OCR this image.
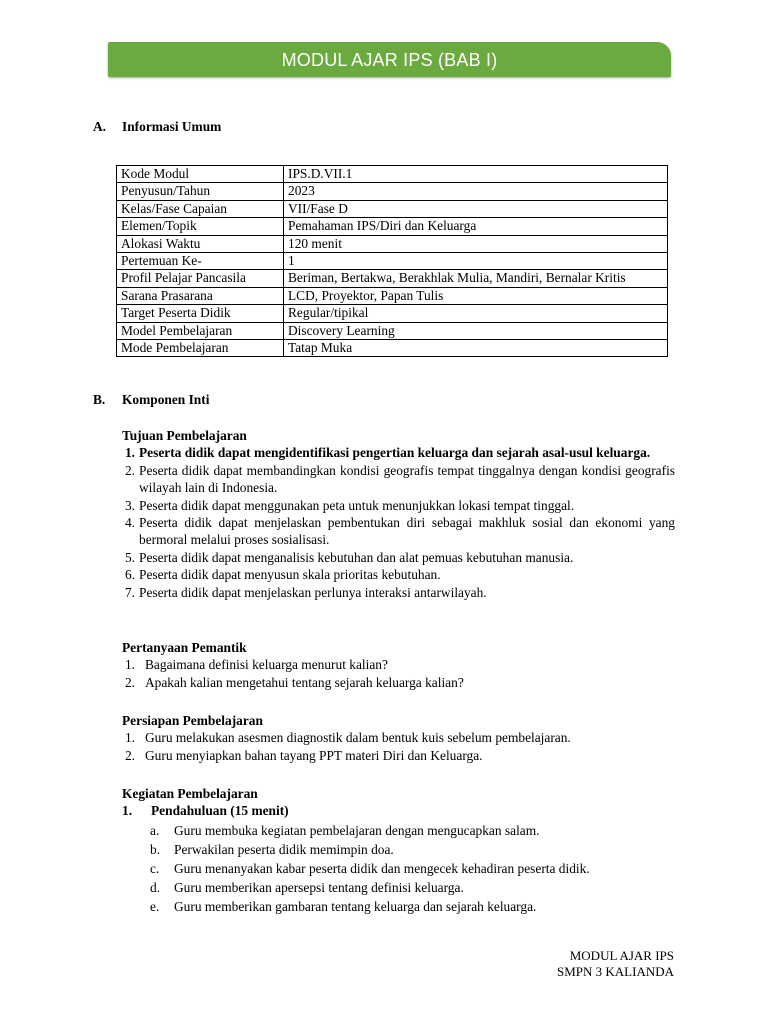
MODUL AJAR IPS (BAB I)
A. Informasi Umum
Kode Modul	IPS.D.VII.1
Penyusun/Tahun	2023
Kelas/Fase Capaian	VII/Fase D
Elemen/Topik	Pemahaman IPS/Diri dan Keluarga
Alokasi Waktu	120 menit
Pertemuan Ke-	1
Profil Pelajar Pancasila	Beriman, Bertakwa, Berakhlak Mulia, Mandiri, Bernalar Kritis
Sarana Prasarana	LCD, Proyektor, Papan Tulis
Target Peserta Didik	Regular/tipikal
Model Pembelajaran	Discovery Learning
Mode Pembelajaran	Tatap Muka
B. Komponen Inti
Tujuan Pembelajaran
1. Peserta didik dapat mengidentifikasi pengertian keluarga dan sejarah asal-usul keluarga.
2. Peserta didik dapat membandingkan kondisi geografis tempat tinggalnya dengan kondisi geografis wilayah lain di Indonesia.
3. Peserta didik dapat menggunakan peta untuk menunjukkan lokasi tempat tinggal.
4. Peserta didik dapat menjelaskan pembentukan diri sebagai makhluk sosial dan ekonomi yang bermoral melalui proses sosialisasi.
5. Peserta didik dapat menganalisis kebutuhan dan alat pemuas kebutuhan manusia.
6. Peserta didik dapat menyusun skala prioritas kebutuhan.
7. Peserta didik dapat menjelaskan perlunya interaksi antarwilayah.
Pertanyaan Pemantik
1. Bagaimana definisi keluarga menurut kalian?
2. Apakah kalian mengetahui tentang sejarah keluarga kalian?
Persiapan Pembelajaran
1. Guru melakukan asesmen diagnostik dalam bentuk kuis sebelum pembelajaran.
2. Guru menyiapkan bahan tayang PPT materi Diri dan Keluarga.
Kegiatan Pembelajaran
1. Pendahuluan (15 menit)
a. Guru membuka kegiatan pembelajaran dengan mengucapkan salam.
b. Perwakilan peserta didik memimpin doa.
c. Guru menanyakan kabar peserta didik dan mengecek kehadiran peserta didik.
d. Guru memberikan apersepsi tentang definisi keluarga.
e. Guru memberikan gambaran tentang keluarga dan sejarah keluarga.
MODUL AJAR IPS
SMPN 3 KALIANDA
